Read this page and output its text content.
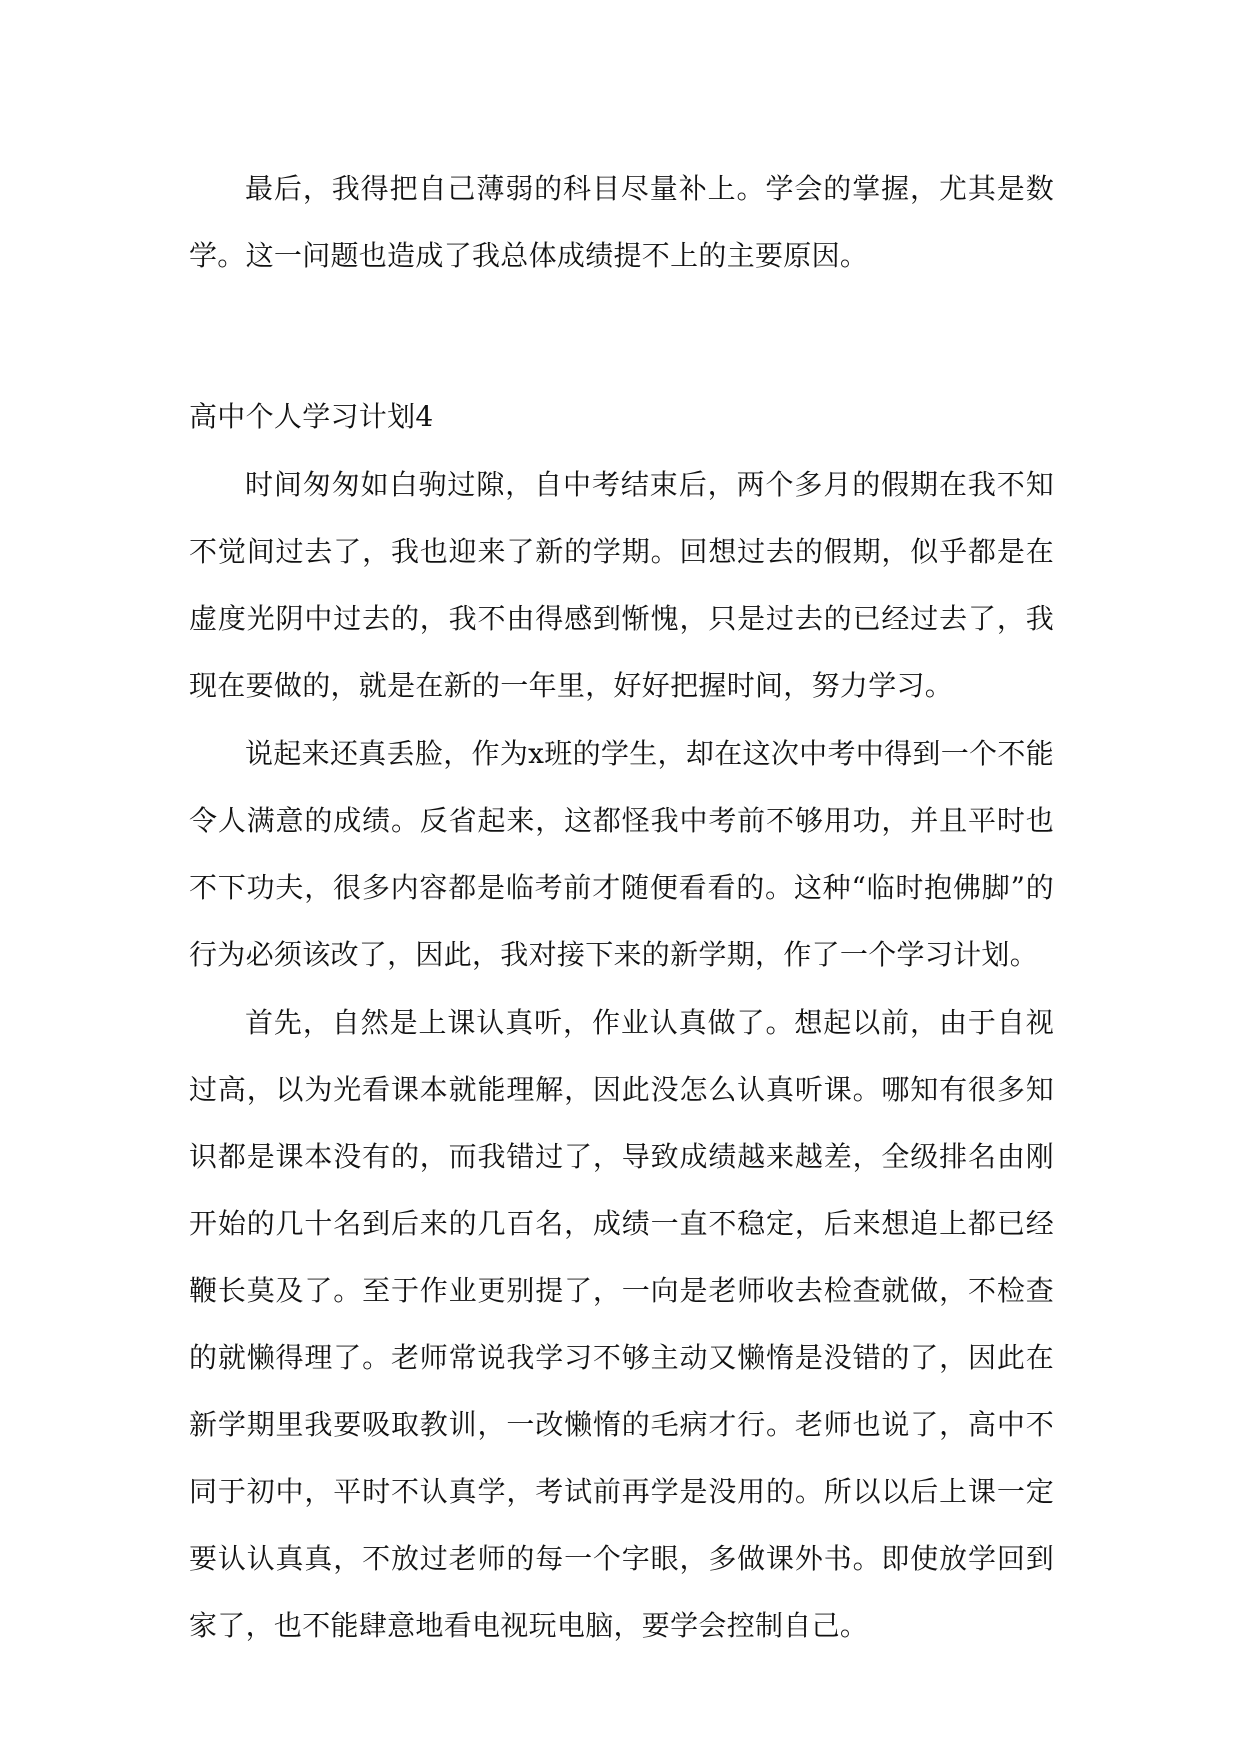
最后，我得把自己薄弱的科目尽量补上。学会的掌握，尤其是数学。这一问题也造成了我总体成绩提不上的主要原因。

高中个人学习计划4

时间匆匆如白驹过隙，自中考结束后，两个多月的假期在我不知不觉间过去了，我也迎来了新的学期。回想过去的假期，似乎都是在虚度光阴中过去的，我不由得感到惭愧，只是过去的已经过去了，我现在要做的，就是在新的一年里，好好把握时间，努力学习。

说起来还真丢脸，作为x班的学生，却在这次中考中得到一个不能令人满意的成绩。反省起来，这都怪我中考前不够用功，并且平时也不下功夫，很多内容都是临考前才随便看看的。这种“临时抱佛脚”的行为必须该改了，因此，我对接下来的新学期，作了一个学习计划。

首先，自然是上课认真听，作业认真做了。想起以前，由于自视过高，以为光看课本就能理解，因此没怎么认真听课。哪知有很多知识都是课本没有的，而我错过了，导致成绩越来越差，全级排名由刚开始的几十名到后来的几百名，成绩一直不稳定，后来想追上都已经鞭长莫及了。至于作业更别提了，一向是老师收去检查就做，不检查的就懒得理了。老师常说我学习不够主动又懒惰是没错的了，因此在新学期里我要吸取教训，一改懒惰的毛病才行。老师也说了，高中不同于初中，平时不认真学，考试前再学是没用的。所以以后上课一定要认认真真，不放过老师的每一个字眼，多做课外书。即使放学回到家了，也不能肆意地看电视玩电脑，要学会控制自己。
